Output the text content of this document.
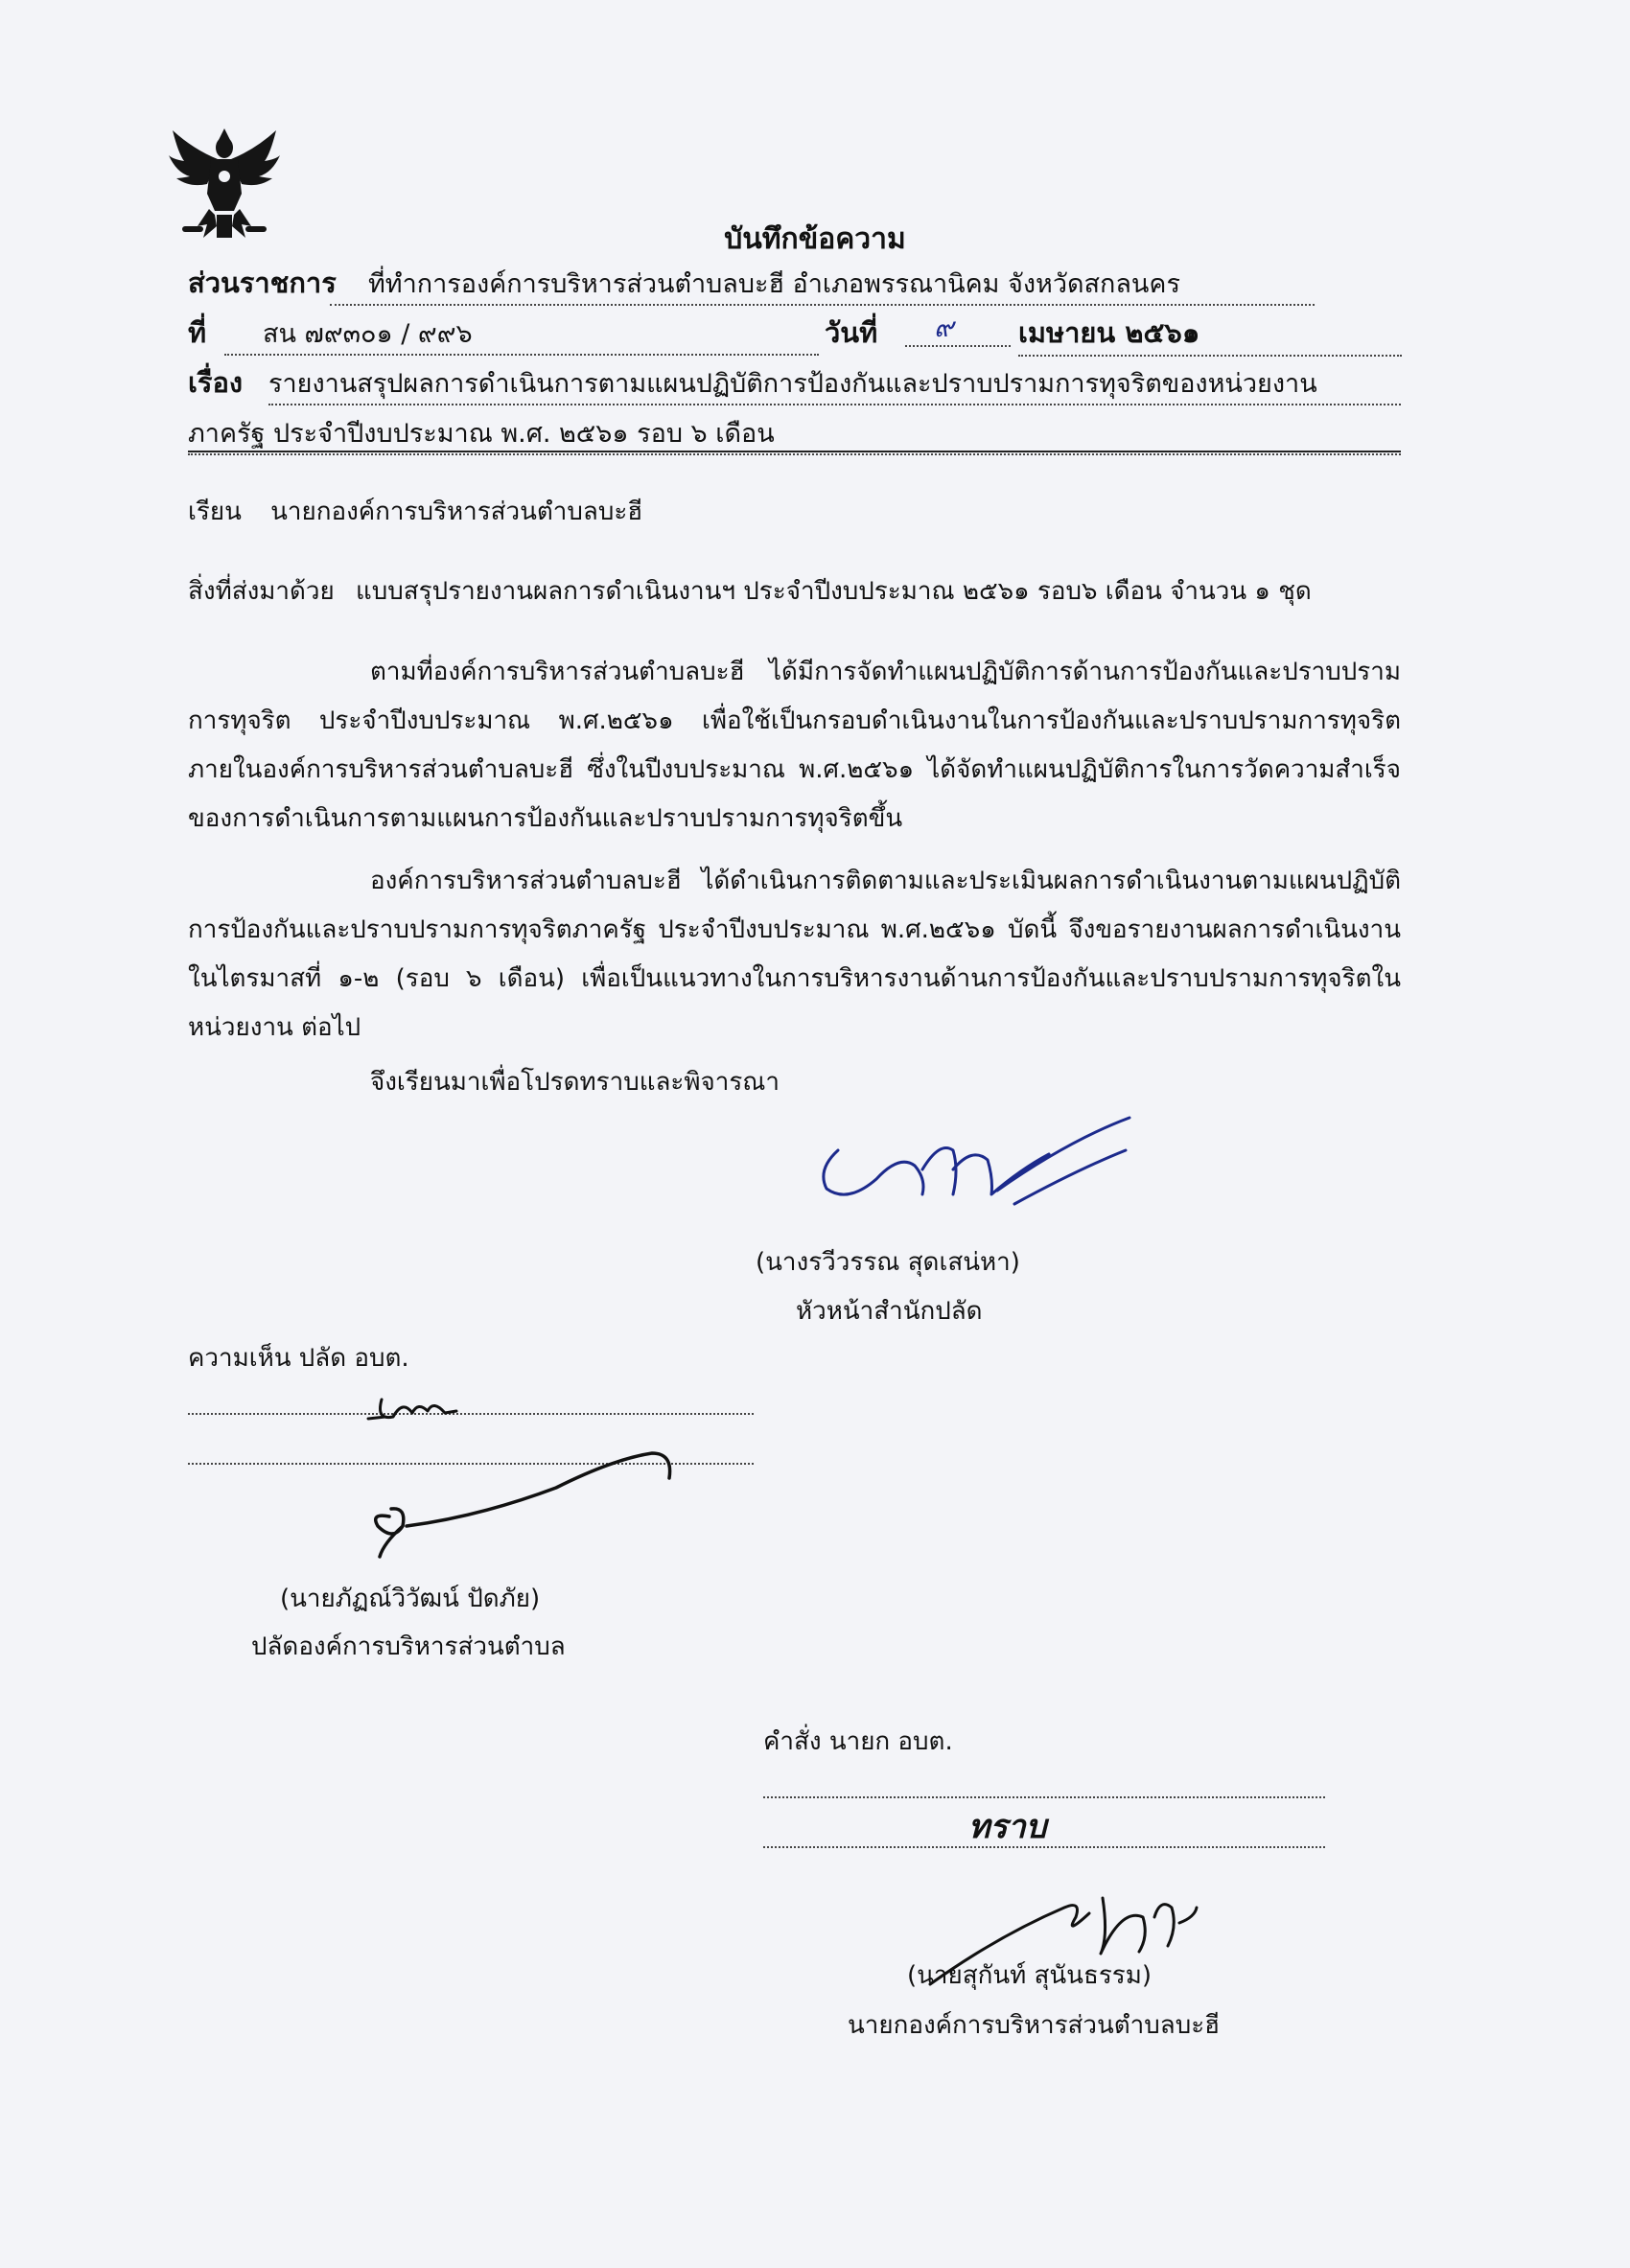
บันทึกข้อความ
ส่วนราชการ	ที่ทำการองค์การบริหารส่วนตำบลบะฮี อำเภอพรรณานิคม จังหวัดสกลนคร
ที่	สน ๗๙๓๐๑ / ๙๙๖	วันที่ ๙ เมษายน ๒๕๖๑
เรื่อง รายงานสรุปผลการดำเนินการตามแผนปฏิบัติการป้องกันและปราบปรามการทุจริตของหน่วยงาน
ภาครัฐ ประจำปีงบประมาณ พ.ศ. ๒๕๖๑ รอบ ๖ เดือน
เรียน นายกองค์การบริหารส่วนตำบลบะฮี
สิ่งที่ส่งมาด้วย แบบสรุปรายงานผลการดำเนินงานฯ ประจำปีงบประมาณ ๒๕๖๑ รอบ๖ เดือน จำนวน ๑ ชุด

ตามที่องค์การบริหารส่วนตำบลบะฮี ได้มีการจัดทำแผนปฏิบัติการด้านการป้องกันและปราบปรามการทุจริต ประจำปีงบประมาณ พ.ศ.๒๕๖๑ เพื่อใช้เป็นกรอบดำเนินงานในการป้องกันและปราบปรามการทุจริตภายในองค์การบริหารส่วนตำบลบะฮี ซึ่งในปีงบประมาณ พ.ศ.๒๕๖๑ ได้จัดทำแผนปฏิบัติการในการวัดความสำเร็จของการดำเนินการตามแผนการป้องกันและปราบปรามการทุจริตขึ้น

องค์การบริหารส่วนตำบลบะฮี ได้ดำเนินการติดตามและประเมินผลการดำเนินงานตามแผนปฏิบัติการป้องกันและปราบปรามการทุจริตภาครัฐ ประจำปีงบประมาณ พ.ศ.๒๕๖๑ บัดนี้ จึงขอรายงานผลการดำเนินงานในไตรมาสที่ ๑-๒ (รอบ ๖ เดือน) เพื่อเป็นแนวทางในการบริหารงานด้านการป้องกันและปราบปรามการทุจริตในหน่วยงาน ต่อไป

จึงเรียนมาเพื่อโปรดทราบและพิจารณา
(นางรวีวรรณ สุดเสน่หา)
หัวหน้าสำนักปลัด
ความเห็น ปลัด อบต.
(นายภัฏณ์วิวัฒน์ ปัดภัย)
ปลัดองค์การบริหารส่วนตำบล
คำสั่ง นายก อบต.
ทราบ
(นายสุกันท์ สุนันธรรม)
นายกองค์การบริหารส่วนตำบลบะฮี
